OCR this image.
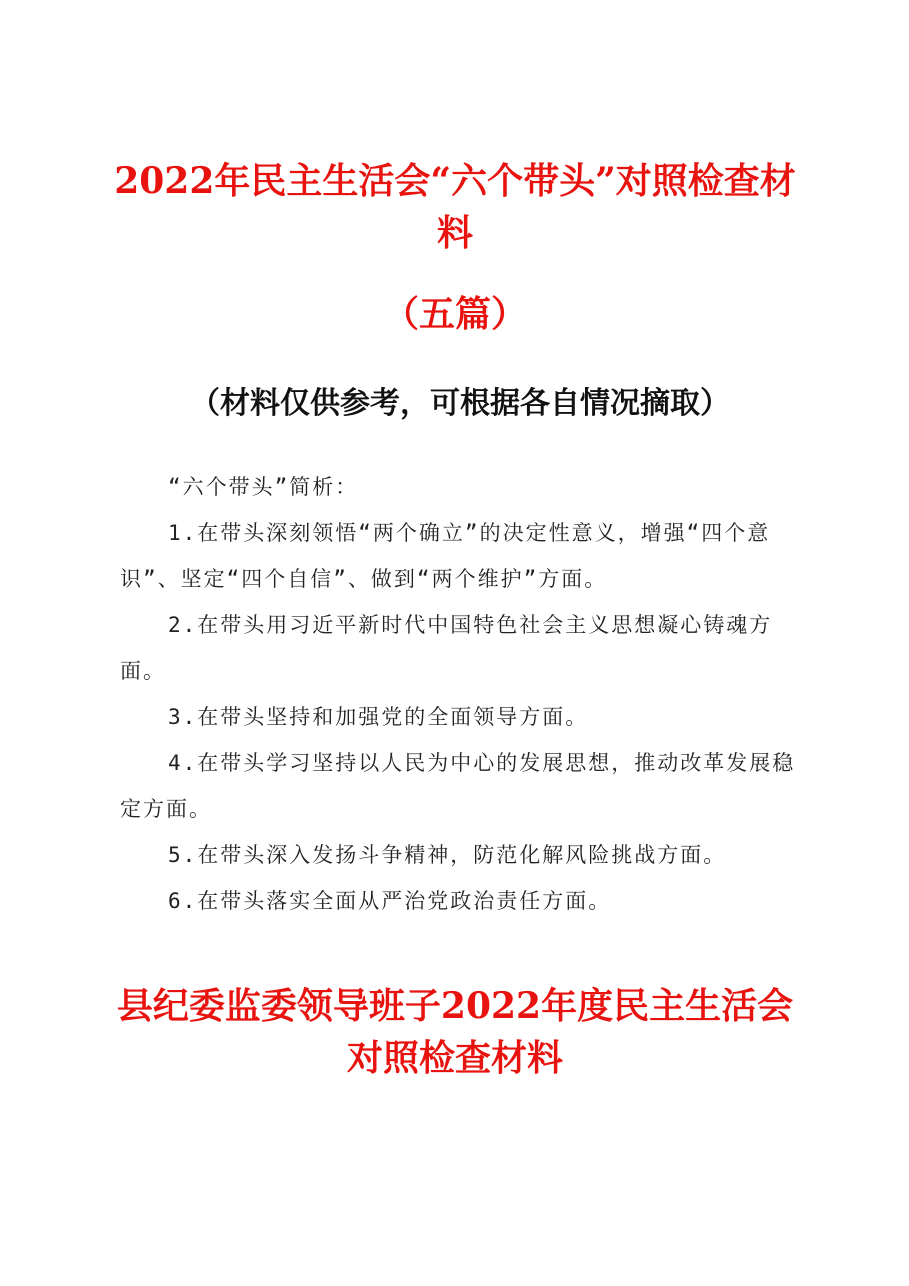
2022年民主生活会“六个带头”对照检查材料
（五篇）
（材料仅供参考，可根据各自情况摘取）

“六个带头”简析：

1.在带头深刻领悟“两个确立”的决定性意义，增强“四个意识”、坚定“四个自信”、做到“两个维护”方面。

2.在带头用习近平新时代中国特色社会主义思想凝心铸魂方面。

3.在带头坚持和加强党的全面领导方面。

4.在带头学习坚持以人民为中心的发展思想，推动改革发展稳定方面。

5.在带头深入发扬斗争精神，防范化解风险挑战方面。

6.在带头落实全面从严治党政治责任方面。

县纪委监委领导班子2022年度民主生活会对照检查材料
